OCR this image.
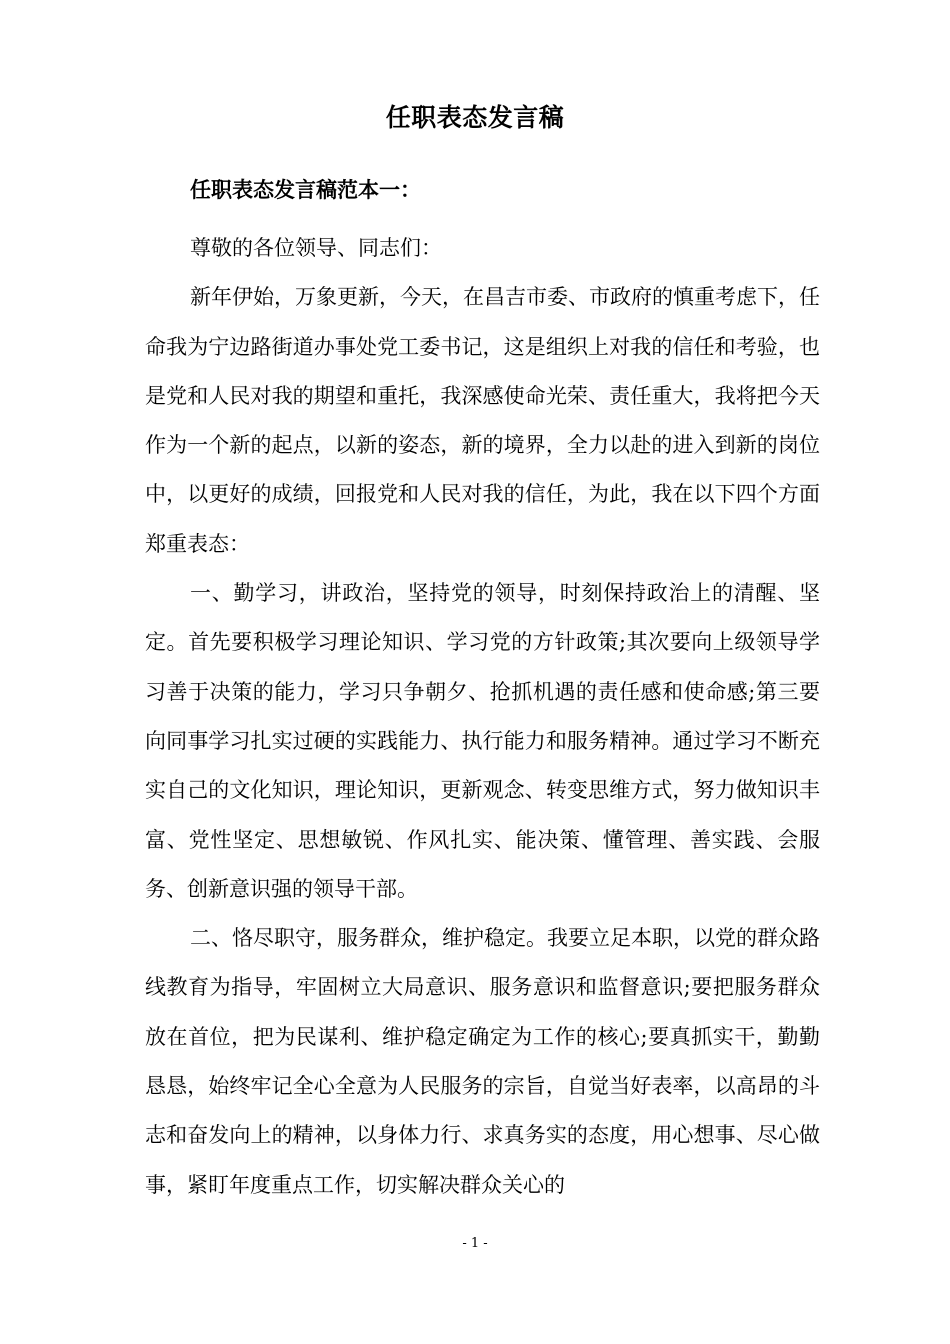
任职表态发言稿
任职表态发言稿范本一：

尊敬的各位领导、同志们：

新年伊始，万象更新，今天，在昌吉市委、市政府的慎重考虑下，任命我为宁边路街道办事处党工委书记，这是组织上对我的信任和考验，也是党和人民对我的期望和重托，我深感使命光荣、责任重大，我将把今天作为一个新的起点，以新的姿态，新的境界，全力以赴的进入到新的岗位中，以更好的成绩，回报党和人民对我的信任，为此，我在以下四个方面郑重表态：

一、勤学习，讲政治，坚持党的领导，时刻保持政治上的清醒、坚定。首先要积极学习理论知识、学习党的方针政策;其次要向上级领导学习善于决策的能力，学习只争朝夕、抢抓机遇的责任感和使命感;第三要向同事学习扎实过硬的实践能力、执行能力和服务精神。通过学习不断充实自己的文化知识，理论知识，更新观念、转变思维方式，努力做知识丰富、党性坚定、思想敏锐、作风扎实、能决策、懂管理、善实践、会服务、创新意识强的领导干部。

二、恪尽职守，服务群众，维护稳定。我要立足本职，以党的群众路线教育为指导，牢固树立大局意识、服务意识和监督意识;要把服务群众放在首位，把为民谋利、维护稳定确定为工作的核心;要真抓实干，勤勤恳恳，始终牢记全心全意为人民服务的宗旨，自觉当好表率，以高昂的斗志和奋发向上的精神，以身体力行、求真务实的态度，用心想事、尽心做事，紧盯年度重点工作，切实解决群众关心的

- 1 -
